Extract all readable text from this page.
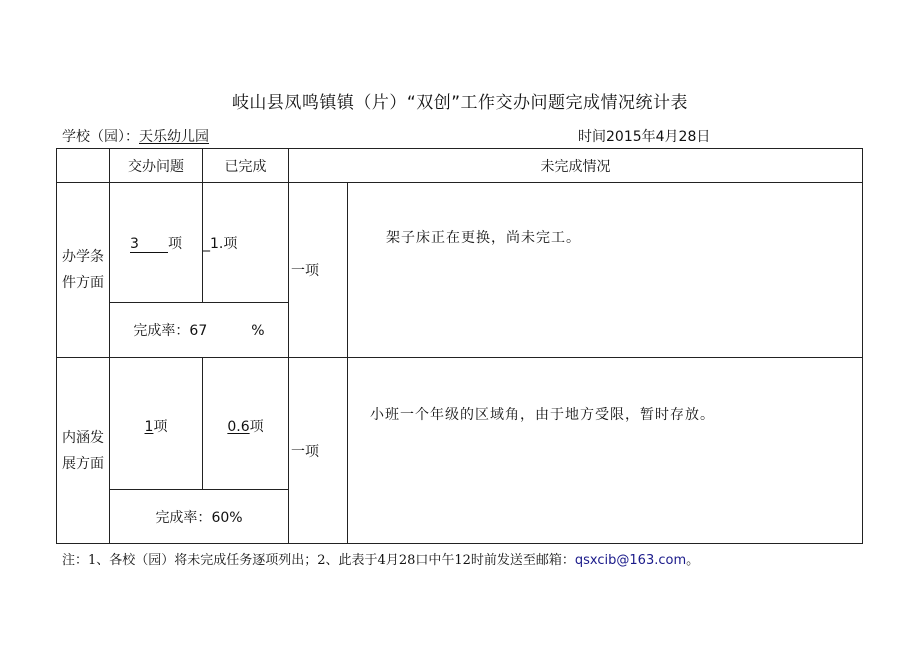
岐山县凤鸣镇镇（片）“双创”工作交办问题完成情况统计表
学校（园）：天乐幼儿园	时间2015年4月28日
	交办问题	已完成	未完成情况	
办学条
件方面	3 项	_1.项	一项	架子床正在更换，尚未完工。
	完成率：67 %			
内涵发
展方面	1项	0.6项	一项	小班一个年级的区域角，由于地方受限，暂时存放。
	完成率：60%			
注：1、各校（园）将未完成任务逐项列出；2、此表于4月28口中午12时前发送至邮箱：qsxcib@163.com。
